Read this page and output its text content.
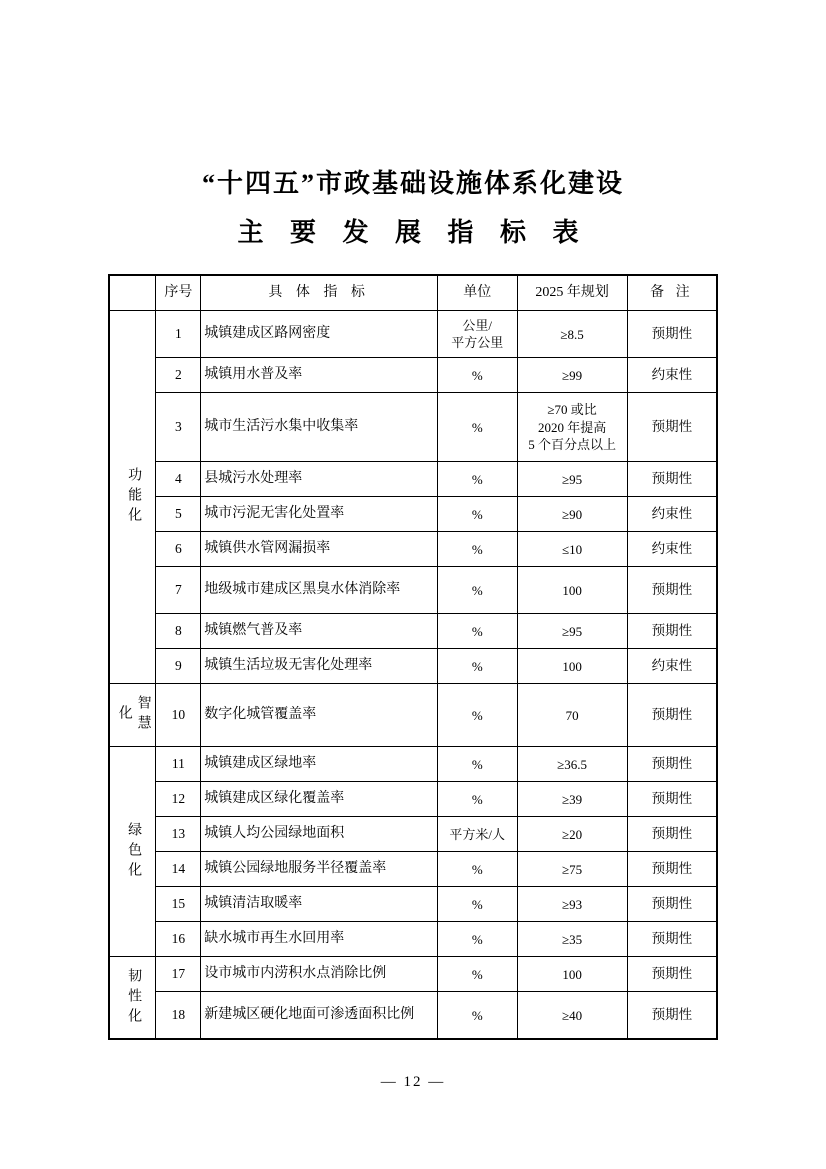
“十四五”市政基础设施体系化建设
主 要 发 展 指 标 表
	序号	具 体 指 标	单位	2025 年规划	备 注
功能化	1	城镇建成区路网密度	公里/
平方公里	≥8.5	预期性
	2	城镇用水普及率	%	≥99	约束性
	3	城市生活污水集中收集率	%	≥70 或比
2020 年提高
5 个百分点以上	预期性
	4	县城污水处理率	%	≥95	预期性
	5	城市污泥无害化处置率	%	≥90	约束性
	6	城镇供水管网漏损率	%	≤10	约束性
	7	地级城市建成区黑臭水体消除率	%	100	预期性
	8	城镇燃气普及率	%	≥95	预期性
	9	城镇生活垃圾无害化处理率	%	100	约束性
智慧化	10	数字化城管覆盖率	%	70	预期性
绿色化	11	城镇建成区绿地率	%	≥36.5	预期性
	12	城镇建成区绿化覆盖率	%	≥39	预期性
	13	城镇人均公园绿地面积	平方米/人	≥20	预期性
	14	城镇公园绿地服务半径覆盖率	%	≥75	预期性
	15	城镇清洁取暖率	%	≥93	预期性
	16	缺水城市再生水回用率	%	≥35	预期性
韧性化	17	设市城市内涝积水点消除比例	%	100	预期性
	18	新建城区硬化地面可渗透面积比例	%	≥40	预期性
— 12 —
